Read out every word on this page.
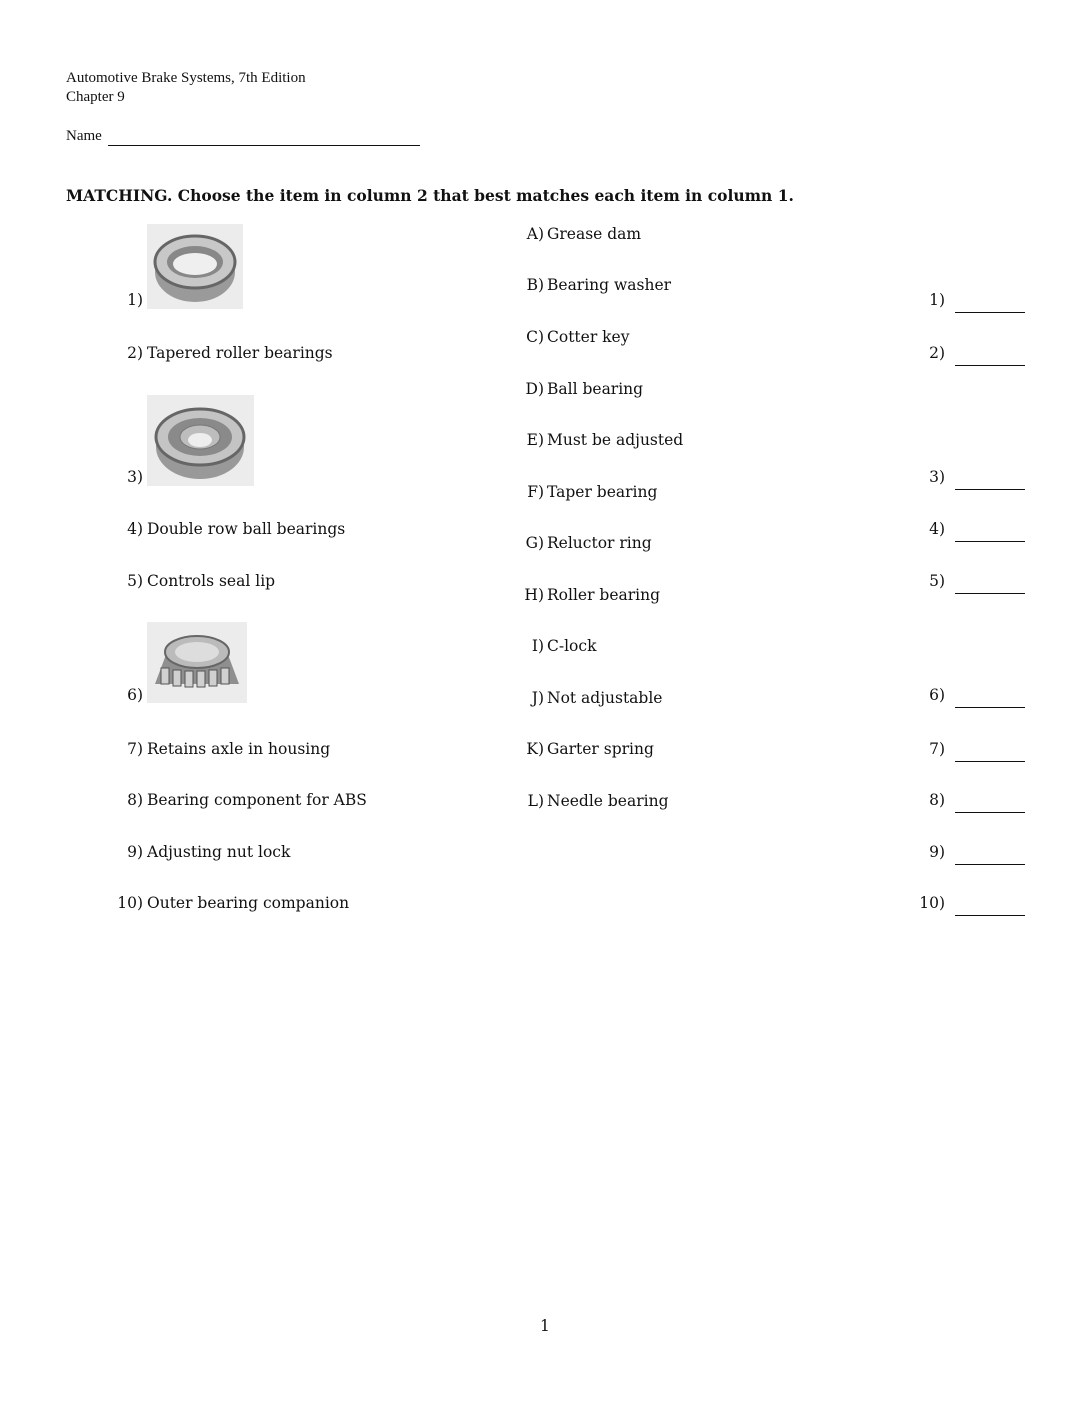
Automotive Brake Systems, 7th Edition
Chapter 9
Name
MATCHING. Choose the item in column 2 that best matches each item in column 1.
1)
2) Tapered roller bearings
3)
4) Double row ball bearings
5) Controls seal lip
6)
7) Retains axle in housing
8) Bearing component for ABS
9) Adjusting nut lock
10) Outer bearing companion
A) Grease dam
B) Bearing washer
C) Cotter key
D) Ball bearing
E) Must be adjusted
F) Taper bearing
G) Reluctor ring
H) Roller bearing
I) C-lock
J) Not adjustable
K) Garter spring
L) Needle bearing
1)
2)
3)
4)
5)
6)
7)
8)
9)
10)
1
